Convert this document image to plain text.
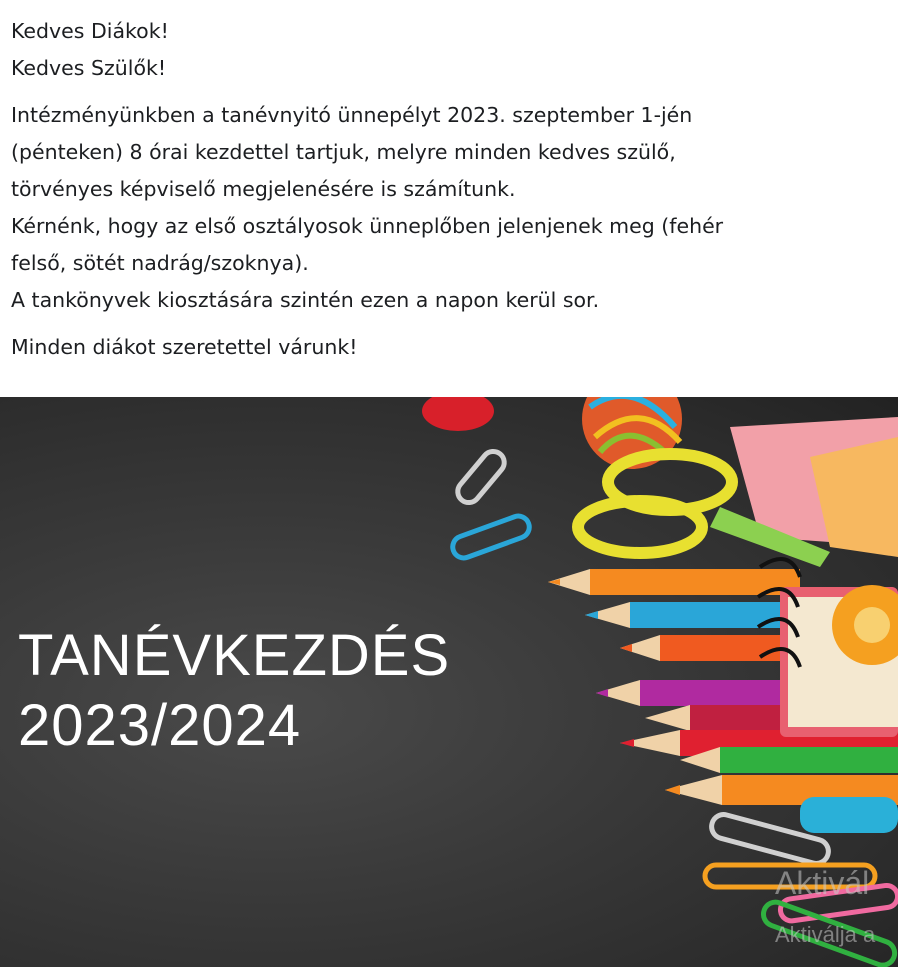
Kedves Diákok!
Kedves Szülők!
Intézményünkben a tanévnyitó ünnepélyt 2023. szeptember 1-jén
(pénteken) 8 órai kezdettel tartjuk, melyre minden kedves szülő,
törvényes képviselő megjelenésére is számítunk.
Kérnénk, hogy az első osztályosok ünneplőben jelenjenek meg (fehér
felső, sötét nadrág/szoknya).
A tankönyvek kiosztására szintén ezen a napon kerül sor.
Minden diákot szeretettel várunk!
TANÉVKEZDÉS
2023/2024
Aktivál
Aktiválja a
